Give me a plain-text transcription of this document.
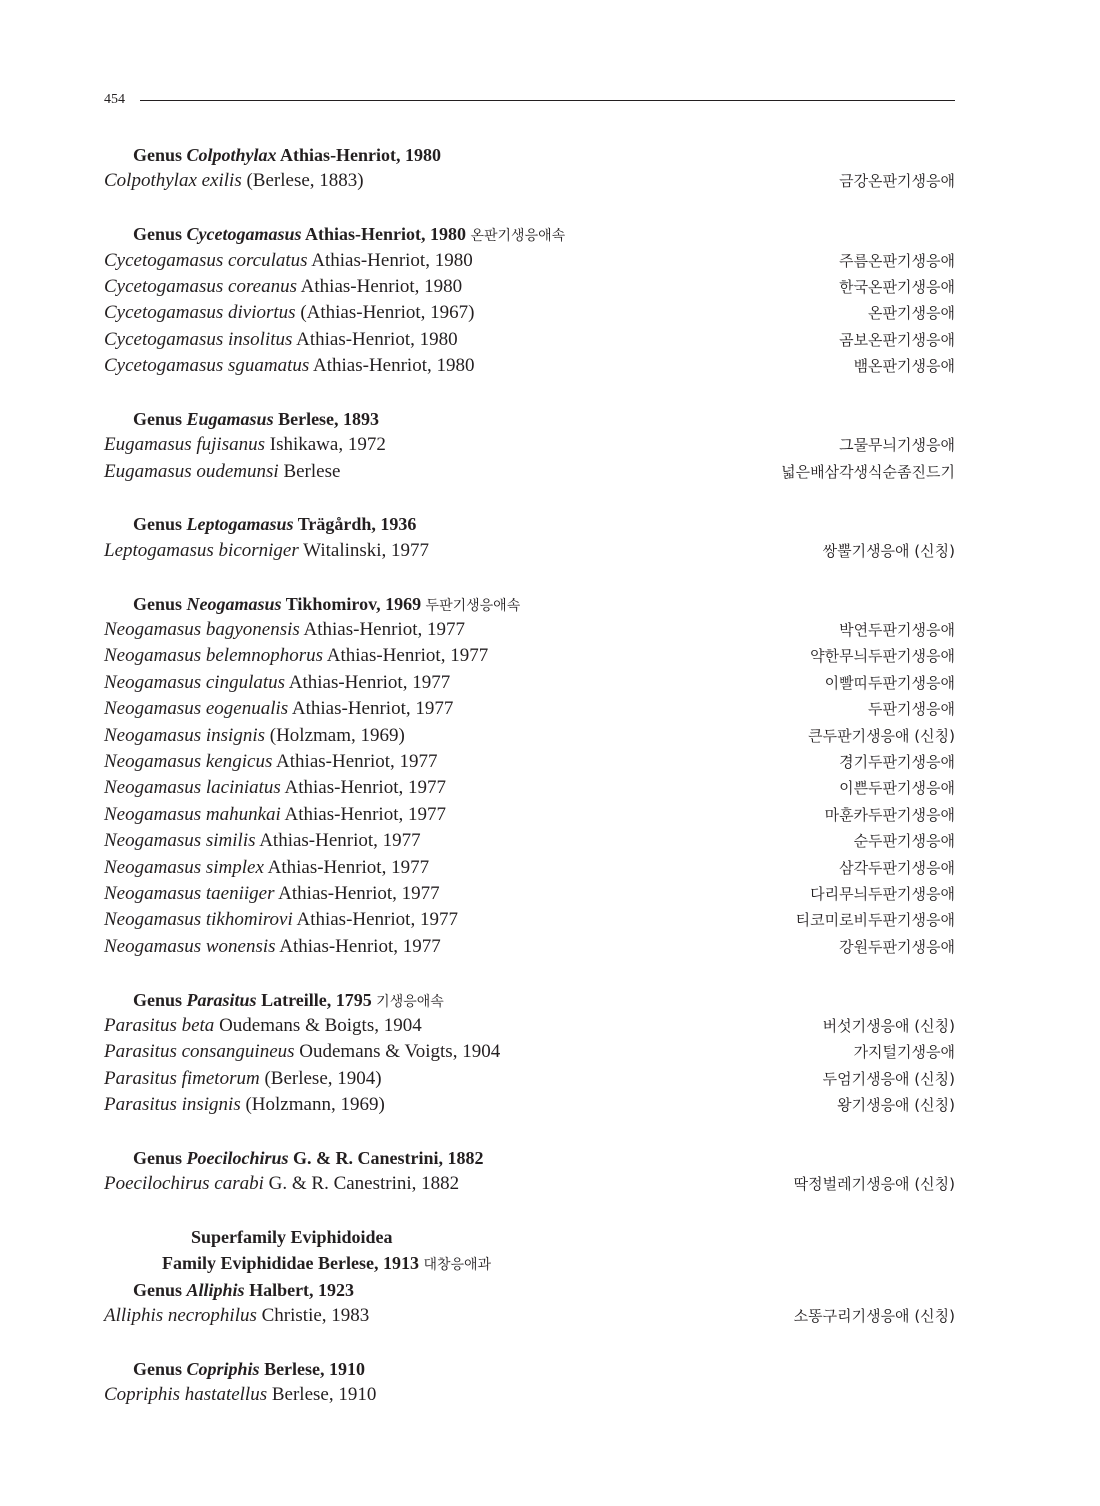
454
Genus Colpothylax Athias-Henriot, 1980
Colpothylax exilis (Berlese, 1883)	금강온판기생응애
Genus Cycetogamasus Athias-Henriot, 1980 온판기생응애속
Cycetogamasus corculatus Athias-Henriot, 1980	주름온판기생응애
Cycetogamasus coreanus Athias-Henriot, 1980	한국온판기생응애
Cycetogamasus diviortus (Athias-Henriot, 1967)	온판기생응애
Cycetogamasus insolitus Athias-Henriot, 1980	곰보온판기생응애
Cycetogamasus sguamatus Athias-Henriot, 1980	뱀온판기생응애
Genus Eugamasus Berlese, 1893
Eugamasus fujisanus Ishikawa, 1972	그물무늬기생응애
Eugamasus oudemunsi Berlese	넓은배삼각생식순좀진드기
Genus Leptogamasus Trägårdh, 1936
Leptogamasus bicorniger Witalinski, 1977	쌍뿔기생응애 (신칭)
Genus Neogamasus Tikhomirov, 1969 두판기생응애속
Neogamasus bagyonensis Athias-Henriot, 1977	박연두판기생응애
Neogamasus belemnophorus Athias-Henriot, 1977	약한무늬두판기생응애
Neogamasus cingulatus Athias-Henriot, 1977	이빨띠두판기생응애
Neogamasus eogenualis Athias-Henriot, 1977	두판기생응애
Neogamasus insignis (Holzmam, 1969)	큰두판기생응애 (신칭)
Neogamasus kengicus Athias-Henriot, 1977	경기두판기생응애
Neogamasus laciniatus Athias-Henriot, 1977	이쁜두판기생응애
Neogamasus mahunkai Athias-Henriot, 1977	마훈카두판기생응애
Neogamasus similis Athias-Henriot, 1977	순두판기생응애
Neogamasus simplex Athias-Henriot, 1977	삼각두판기생응애
Neogamasus taeniiger Athias-Henriot, 1977	다리무늬두판기생응애
Neogamasus tikhomirovi Athias-Henriot, 1977	티코미로비두판기생응애
Neogamasus wonensis Athias-Henriot, 1977	강원두판기생응애
Genus Parasitus Latreille, 1795 기생응애속
Parasitus beta Oudemans & Boigts, 1904	버섯기생응애 (신칭)
Parasitus consanguineus Oudemans & Voigts, 1904	가지털기생응애
Parasitus fimetorum (Berlese, 1904)	두엄기생응애 (신칭)
Parasitus insignis (Holzmann, 1969)	왕기생응애 (신칭)
Genus Poecilochirus G. & R. Canestrini, 1882
Poecilochirus carabi G. & R. Canestrini, 1882	딱정벌레기생응애 (신칭)
Superfamily Eviphidoidea
Family Eviphididae Berlese, 1913 대창응애과
Genus Alliphis Halbert, 1923
Alliphis necrophilus Christie, 1983	소똥구리기생응애 (신칭)
Genus Copriphis Berlese, 1910
Copriphis hastatellus Berlese, 1910
